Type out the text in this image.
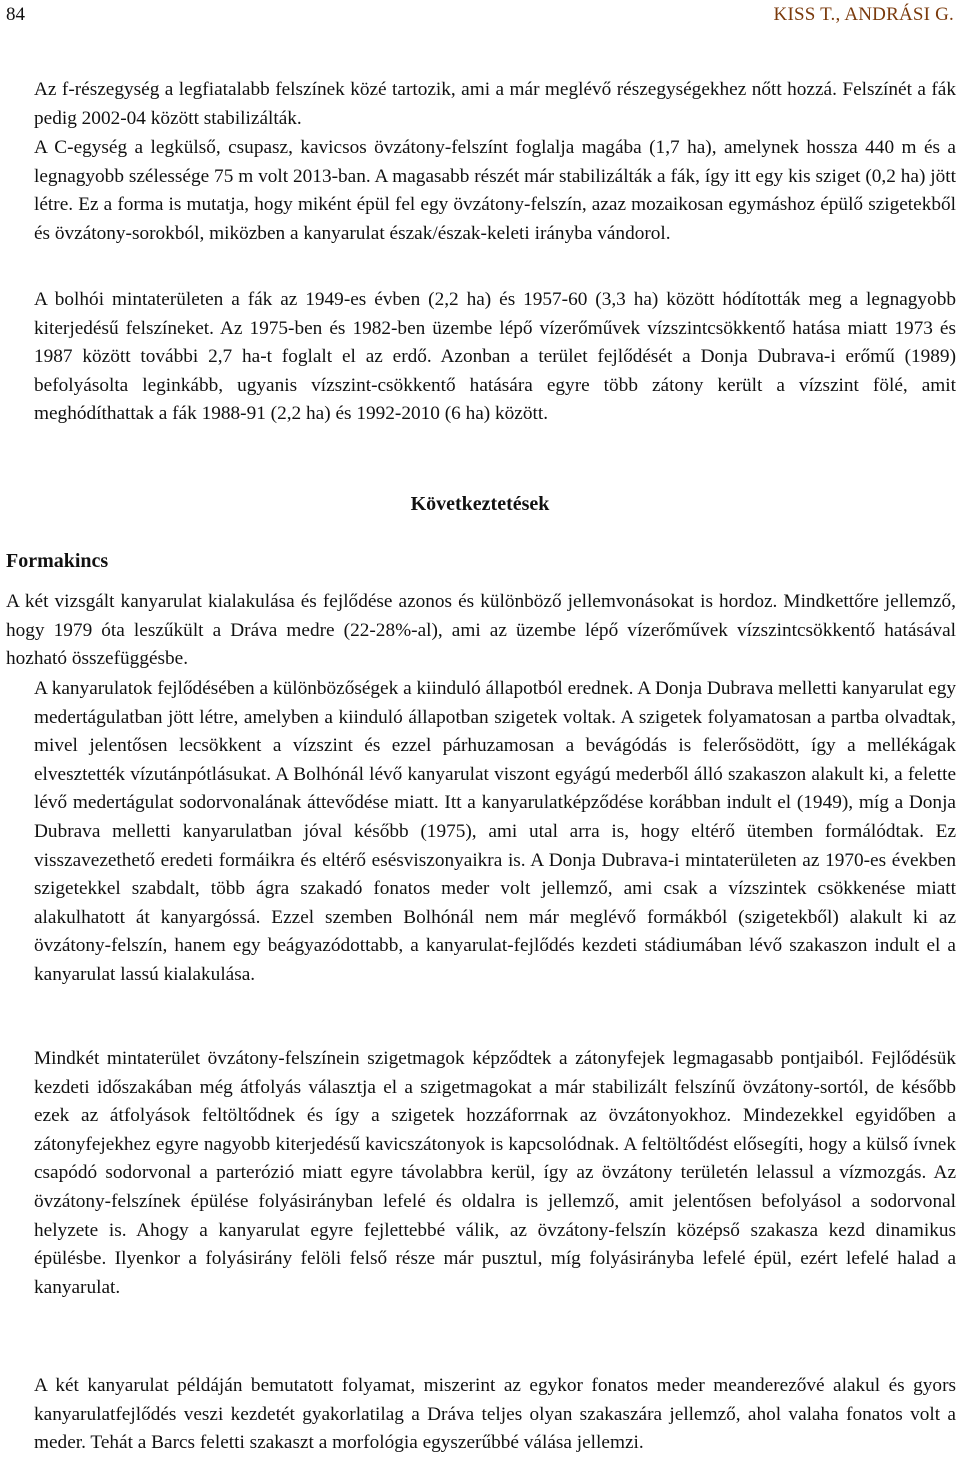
84	KISS T., ANDRÁSI G.

Az f-részegység a legfiatalabb felszínek közé tartozik, ami a már meglévő részegységekhez nőtt hozzá. Felszínét a fák pedig 2002-04 között stabilizálták.

A C-egység a legkülső, csupasz, kavicsos övzátony-felszínt foglalja magába (1,7 ha), amelynek hossza 440 m és a legnagyobb szélessége 75 m volt 2013-ban. A magasabb részét már stabilizálták a fák, így itt egy kis sziget (0,2 ha) jött létre. Ez a forma is mutatja, hogy miként épül fel egy övzátony-felszín, azaz mozaikosan egymáshoz épülő szigetekből és övzátony-sorokból, miközben a kanyarulat észak/észak-keleti irányba vándorol.

A bolhói mintaterületen a fák az 1949-es évben (2,2 ha) és 1957-60 (3,3 ha) között hódították meg a legnagyobb kiterjedésű felszíneket. Az 1975-ben és 1982-ben üzembe lépő vízerőművek vízszintcsökkentő hatása miatt 1973 és 1987 között további 2,7 ha-t foglalt el az erdő. Azonban a terület fejlődését a Donja Dubrava-i erőmű (1989) befolyásolta leginkább, ugyanis vízszint-csökkentő hatására egyre több zátony került a vízszint fölé, amit meghódíthattak a fák 1988-91 (2,2 ha) és 1992-2010 (6 ha) között.

Következtetések
Formakincs

A két vizsgált kanyarulat kialakulása és fejlődése azonos és különböző jellemvonásokat is hordoz. Mindkettőre jellemző, hogy 1979 óta leszűkült a Dráva medre (22-28%-al), ami az üzembe lépő vízerőművek vízszintcsökkentő hatásával hozható összefüggésbe.

A kanyarulatok fejlődésében a különbözőségek a kiinduló állapotból erednek. A Donja Dubrava melletti kanyarulat egy medertágulatban jött létre, amelyben a kiinduló állapotban szigetek voltak. A szigetek folyamatosan a partba olvadtak, mivel jelentősen lecsökkent a vízszint és ezzel párhuzamosan a bevágódás is felerősödött, így a mellékágak elvesztették vízutánpótlásukat. A Bolhónál lévő kanyarulat viszont egyágú mederből álló szakaszon alakult ki, a felette lévő medertágulat sodorvonalának áttevődése miatt. Itt a kanyarulatképződése korábban indult el (1949), míg a Donja Dubrava melletti kanyarulatban jóval később (1975), ami utal arra is, hogy eltérő ütemben formálódtak. Ez visszavezethető eredeti formáikra és eltérő esésviszonyaikra is. A Donja Dubrava-i mintaterületen az 1970-es években szigetekkel szabdalt, több ágra szakadó fonatos meder volt jellemző, ami csak a vízszintek csökkenése miatt alakulhatott át kanyargóssá. Ezzel szemben Bolhónál nem már meglévő formákból (szigetekből) alakult ki az övzátony-felszín, hanem egy beágyazódottabb, a kanyarulat-fejlődés kezdeti stádiumában lévő szakaszon indult el a kanyarulat lassú kialakulása.

Mindkét mintaterület övzátony-felszínein szigetmagok képződtek a zátonyfejek legmagasabb pontjaiból. Fejlődésük kezdeti időszakában még átfolyás választja el a szigetmagokat a már stabilizált felszínű övzátony-sortól, de később ezek az átfolyások feltöltődnek és így a szigetek hozzáforrnak az övzátonyokhoz. Mindezekkel egyidőben a zátonyfejekhez egyre nagyobb kiterjedésű kavicszátonyok is kapcsolódnak. A feltöltődést elősegíti, hogy a külső ívnek csapódó sodorvonal a parterózió miatt egyre távolabbra kerül, így az övzátony területén lelassul a vízmozgás. Az övzátony-felszínek épülése folyásirányban lefelé és oldalra is jellemző, amit jelentősen befolyásol a sodorvonal helyzete is. Ahogy a kanyarulat egyre fejlettebbé válik, az övzátony-felszín középső szakasza kezd dinamikus épülésbe. Ilyenkor a folyásirány felöli felső része már pusztul, míg folyásirányba lefelé épül, ezért lefelé halad a kanyarulat.

A két kanyarulat példáján bemutatott folyamat, miszerint az egykor fonatos meder meanderezővé alakul és gyors kanyarulatfejlődés veszi kezdetét gyakorlatilag a Dráva teljes olyan szakaszára jellemző, ahol valaha fonatos volt a meder. Tehát a Barcs feletti szakaszt a morfológia egyszerűbbé válása jellemzi.
